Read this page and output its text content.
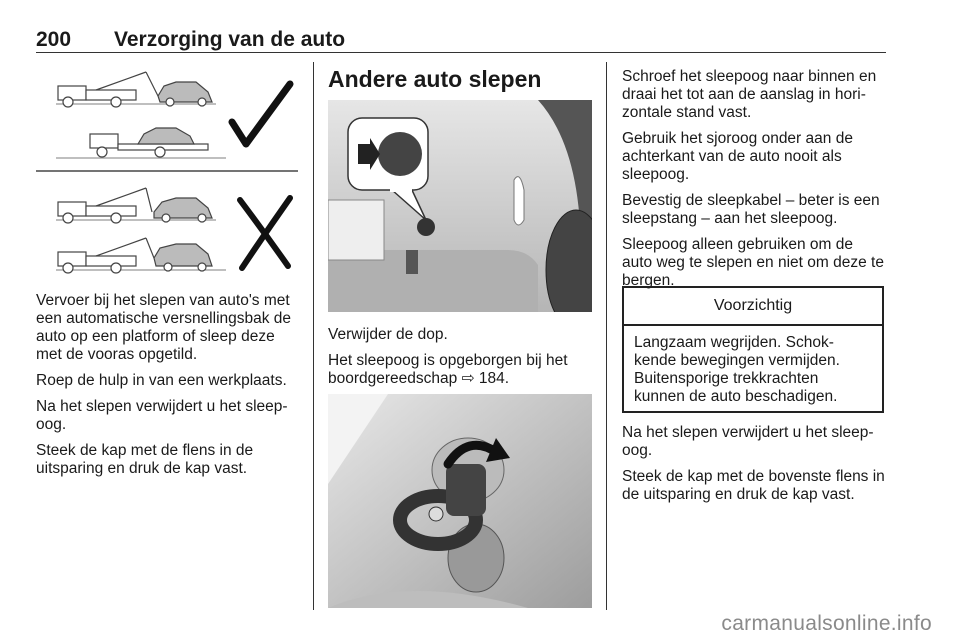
200 Verzorging van de auto

Vervoer bij het slepen van auto's met een automatische versnellingsbak de auto op een platform of sleep deze met de vooras opgetild.

Roep de hulp in van een werkplaats.

Na het slepen verwijdert u het sleep-oog.

Steek de kap met de flens in de uitsparing en druk de kap vast.

Andere auto slepen

Verwijder de dop.

Het sleepoog is opgeborgen bij het boordgereedschap ⇨ 184.

Schroef het sleepoog naar binnen en draai het tot aan de aanslag in hori-zontale stand vast.

Gebruik het sjoroog onder aan de achterkant van de auto nooit als sleepoog.

Bevestig de sleepkabel – beter is een sleepstang – aan het sleepoog.

Sleepoog alleen gebruiken om de auto weg te slepen en niet om deze te bergen.

Voorzichtig
Langzaam wegrijden. Schok-kende bewegingen vermijden. Buitensporige trekkrachten kunnen de auto beschadigen.

Na het slepen verwijdert u het sleep-oog.

Steek de kap met de bovenste flens in de uitsparing en druk de kap vast.

carmanualsonline.info
